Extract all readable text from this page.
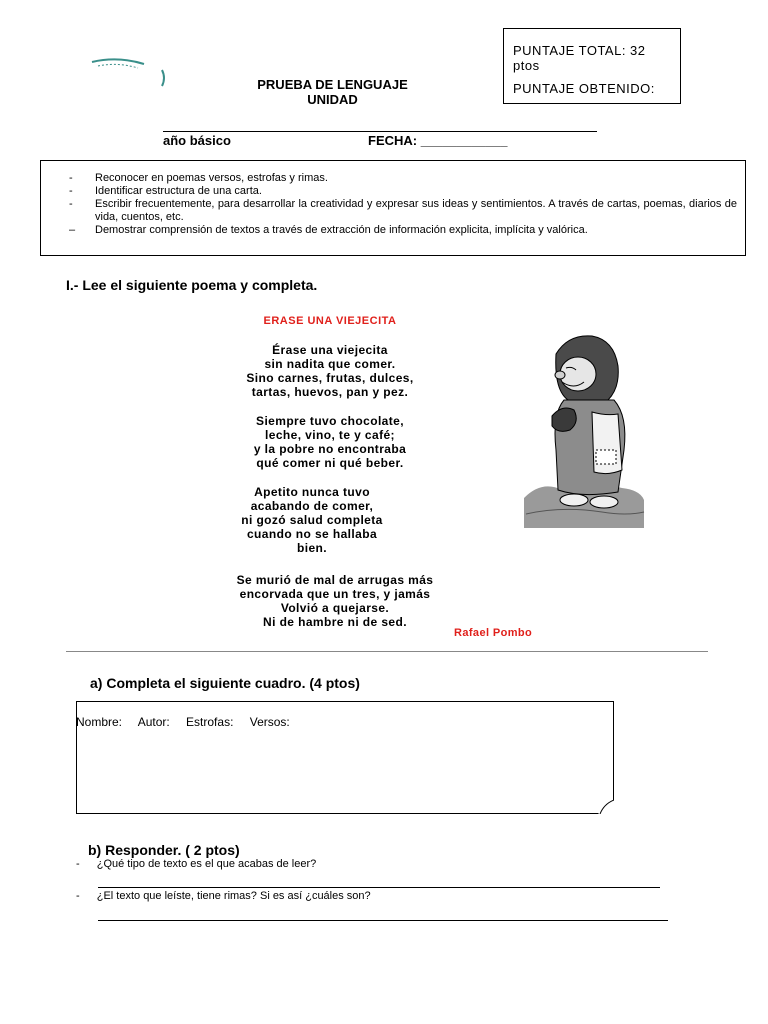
PRUEBA DE LENGUAJE
UNIDAD
PUNTAJE TOTAL: 32 ptos
PUNTAJE OBTENIDO:
año básico	FECHA: ____________
- Reconocer en poemas versos, estrofas y rimas.
- Identificar estructura de una carta.
- Escribir frecuentemente, para desarrollar la creatividad y expresar sus ideas y sentimientos. A través de cartas, poemas, diarios de vida, cuentos, etc.
– Demostrar comprensión de textos a través de extracción de información explicita, implícita y valórica.
I.- Lee el siguiente poema y completa.
ERASE UNA VIEJECITA
Érase una viejecita
sin nadita que comer.
Sino carnes, frutas, dulces,
tartas, huevos, pan y pez.
Siempre tuvo chocolate,
leche, vino, te y café;
y la pobre no encontraba
qué comer ni qué beber.
Apetito nunca tuvo
acabando de comer,
ni gozó salud completa
cuando no se hallaba
bien.
Se murió de mal de arrugas más
encorvada que un tres, y jamás
Volvió a quejarse.
Ni de hambre ni de sed.
Rafael Pombo
a) Completa el siguiente cuadro. (4 ptos)
Nombre: Autor: Estrofas: Versos:
b) Responder. ( 2 ptos)
- ¿Qué tipo de texto es el que acabas de leer?
- ¿El texto que leíste, tiene rimas? Si es así ¿cuáles son?
